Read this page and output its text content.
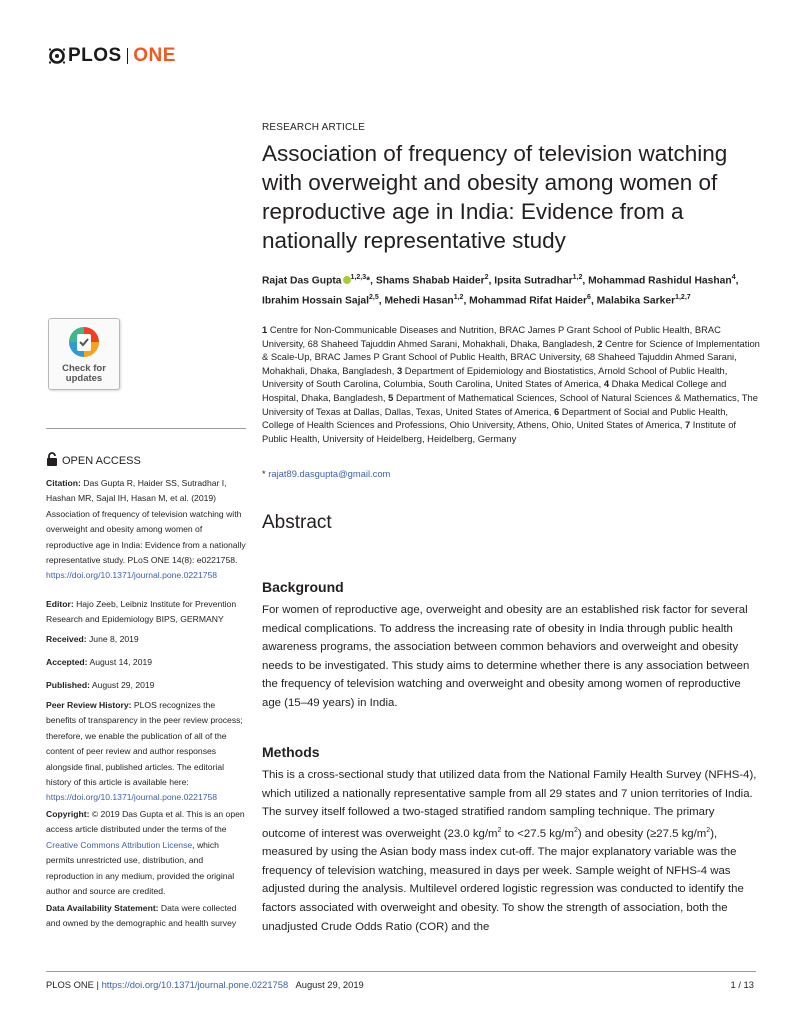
PLOS ONE
Check for
updates
OPEN ACCESS
Citation: Das Gupta R, Haider SS, Sutradhar I, Hashan MR, Sajal IH, Hasan M, et al. (2019) Association of frequency of television watching with overweight and obesity among women of reproductive age in India: Evidence from a nationally representative study. PLoS ONE 14(8): e0221758. https://doi.org/10.1371/journal.pone.0221758
Editor: Hajo Zeeb, Leibniz Institute for Prevention Research and Epidemiology BIPS, GERMANY
Received: June 8, 2019
Accepted: August 14, 2019
Published: August 29, 2019
Peer Review History: PLOS recognizes the benefits of transparency in the peer review process; therefore, we enable the publication of all of the content of peer review and author responses alongside final, published articles. The editorial history of this article is available here: https://doi.org/10.1371/journal.pone.0221758
Copyright: © 2019 Das Gupta et al. This is an open access article distributed under the terms of the Creative Commons Attribution License, which permits unrestricted use, distribution, and reproduction in any medium, provided the original author and source are credited.
Data Availability Statement: Data were collected and owned by the demographic and health survey
RESEARCH ARTICLE
Association of frequency of television watching with overweight and obesity among women of reproductive age in India: Evidence from a nationally representative study
Rajat Das Gupta $^{1,2,3}$*, Shams Shabab Haider$^2$, Ipsita Sutradhar$^{1,2}$, Mohammad Rashidul Hashan$^4$, Ibrahim Hossain Sajal$^{2,5}$, Mehedi Hasan$^{1,2}$, Mohammad Rifat Haider$^6$, Malabika Sarker$^{1,2,7}$
1 Centre for Non-Communicable Diseases and Nutrition, BRAC James P Grant School of Public Health, BRAC University, 68 Shaheed Tajuddin Ahmed Sarani, Mohakhali, Dhaka, Bangladesh, 2 Centre for Science of Implementation & Scale-Up, BRAC James P Grant School of Public Health, BRAC University, 68 Shaheed Tajuddin Ahmed Sarani, Mohakhali, Dhaka, Bangladesh, 3 Department of Epidemiology and Biostatistics, Arnold School of Public Health, University of South Carolina, Columbia, South Carolina, United States of America, 4 Dhaka Medical College and Hospital, Dhaka, Bangladesh, 5 Department of Mathematical Sciences, School of Natural Sciences & Mathematics, The University of Texas at Dallas, Dallas, Texas, United States of America, 6 Department of Social and Public Health, College of Health Sciences and Professions, Ohio University, Athens, Ohio, United States of America, 7 Institute of Public Health, University of Heidelberg, Heidelberg, Germany
* rajat89.dasgupta@gmail.com
Abstract
Background
For women of reproductive age, overweight and obesity are an established risk factor for several medical complications. To address the increasing rate of obesity in India through public health awareness programs, the association between common behaviors and overweight and obesity needs to be investigated. This study aims to determine whether there is any association between the frequency of television watching and overweight and obesity among women of reproductive age (15–49 years) in India.
Methods
This is a cross-sectional study that utilized data from the National Family Health Survey (NFHS-4), which utilized a nationally representative sample from all 29 states and 7 union territories of India. The survey itself followed a two-staged stratified random sampling technique. The primary outcome of interest was overweight (23.0 $kg/m^2$ to <27.5 $kg/m^2$) and obesity (≥27.5 $kg/m^2$), measured by using the Asian body mass index cut-off. The major explanatory variable was the frequency of television watching, measured in days per week. Sample weight of NFHS-4 was adjusted during the analysis. Multilevel ordered logistic regression was conducted to identify the factors associated with overweight and obesity. To show the strength of association, both the unadjusted Crude Odds Ratio (COR) and the
PLOS ONE | https://doi.org/10.1371/journal.pone.0221758   August 29, 2019	1 / 13
